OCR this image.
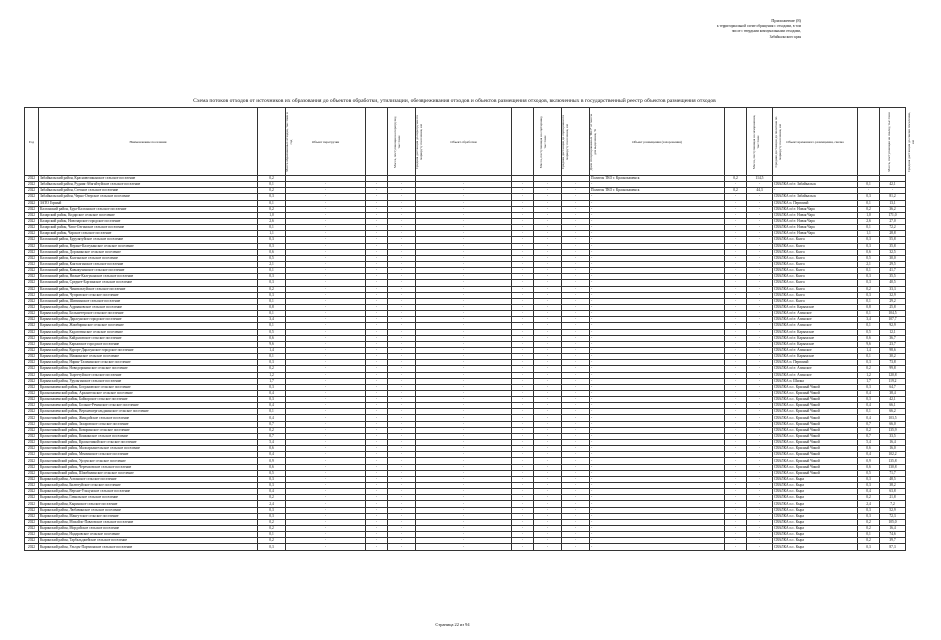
Приложение (8)
к территориальной схеме обращения с отходами, в том
числе с твердыми коммунальными отходами,
Забайкальского края
Схема потоков отходов от источников их образования до объектов обработки, утилизации, обезвреживания отходов и объектов размещения отходов, включенных в государственный реестр объектов размещения отходов
Год	Наименование поселения	Масса образованных отходов, тыс.тонн в год	Объект перегрузки	Масса, поступающая на перегрузку, тыс.тонн	Средняя дистанция до перегрузки по маршруту поселения, км	Объект обработки	Масса, поступающая на сортировку, тыс.тонн	Средняя дистанция до сортировки по маршруту поселения, км	Доля отсортированных ТКО* от массы для выделения, %	Объект размещения (захоронения)	Масса, поступающая на захоронение, тыс.тонн	Средняя дистанция до полигона по маршруту поселения, км	Объект временного размещения, свалка	Масса, поступающая на свалку, тыс.тонн	Средняя дистанция до свалки поселения, км
2022	Забайкальский район, Красновеликанское сельское поселение	0,2								Полигон ТКО г. Краснокаменск	0,2	114,5			
2022	Забайкальский район, Рудник-Абагайтуйское сельское поселение	0,1	-	-	-	-	-	-	-	-	-	-	СВАЛКА п/ст. Забайкальск	0,1	42,1
2022	Забайкальский район, Степное сельское поселение	0,2	-	-	-	-	-	-	-	Полигон ТКО г. Краснокаменск	0,2	44,3	-	-	-
2022	Забайкальский район, Черно-Озерское сельское поселение	0,3	-	-	-	-	-	-	-	-	-	-	СВАЛКА п/ст. Забайкальск	0,3	81,2
2022	ЗАТО Горный	0,1	-	-	-	-	-	-	-	-	-	-	СВАЛКА п. Первомай	0,1	13,1
2022	Калганский район, Бура-Калганское сельское поселение	0,2	-	-	-	-	-	-	-	-	-	-	СВАЛКА п/ст. Новая Чара	0,2	36,2
2022	Каларский район, Кодарское сельское поселение	1,0	-	-	-	-	-	-	-	-	-	-	СВАЛКА п/ст. Новая Чара	1,0	171,0
2022	Каларский район, Новочарское городское поселение	2,6	-	-	-	-	-	-	-	-	-	-	СВАЛКА п/ст. Новая Чара	2,6	27,0
2022	Каларский район, Чапо-Олгинское сельское поселение	0,1	-	-	-	-	-	-	-	-	-	-	СВАЛКА п/ст. Новая Чара	0,1	72,2
2022	Каларский район, Чарское сельское поселение	1,1	-	-	-	-	-	-	-	-	-	-	СВАЛКА п/ст. Новая Чара	1,1	28,8
2022	Калганский район, Бурулятуйское сельское поселение	0,3	-	-	-	-	-	-	-	-	-	-	СВАЛКА п.с. Калга	0,3	55,8
2022	Калганский район, Верхне-Калгуканское сельское поселение	0,3	-	-	-	-	-	-	-	-	-	-	СВАЛКА п.с. Калга	0,3	35,8
2022	Калганский район, Доронинское сельское поселение	0,6	-	-	-	-	-	-	-	-	-	-	СВАЛКА п.с. Калга	0,6	32,5
2022	Калганский район, Калганское сельское поселение	0,5	-	-	-	-	-	-	-	-	-	-	СВАЛКА п.с. Калга	0,5	30,0
2022	Калганский район, Кактолгинское сельское поселение	2,1	-	-	-	-	-	-	-	-	-	-	СВАЛКА п.с. Калга	2,1	29,5
2022	Калганский район, Кавыкучинское сельское поселение	0,1	-	-	-	-	-	-	-	-	-	-	СВАЛКА п.с. Калга	0,1	41,7
2022	Калганский район, Нижне-Калгуканское сельское поселение	0,3	-	-	-	-	-	-	-	-	-	-	СВАЛКА п.с. Калга	0,3	35,5
2022	Калганский район, Среднее-Борзинское сельское поселение	0,3	-	-	-	-	-	-	-	-	-	-	СВАЛКА п.с. Калга	0,3	40,5
2022	Калганский район, Чингильтуйское сельское поселение	0,2	-	-	-	-	-	-	-	-	-	-	СВАЛКА п.с. Калга	0,2	33,3
2022	Калганский район, Чупровское сельское поселение	0,3	-	-	-	-	-	-	-	-	-	-	СВАЛКА п.с. Калга	0,3	32,9
2022	Калганский район, Шивиинское сельское поселение	0,1	-	-	-	-	-	-	-	-	-	-	СВАЛКА п.с. Калга	0,1	29,2
2022	Карымский район, Адриановское сельское поселение	0,8	-	-	-	-	-	-	-	-	-	-	СВАЛКА п/ст. Карымское	0,8	25,8
2022	Карымский район, Большетерское сельское поселение	0,1	-	-	-	-	-	-	-	-	-	-	СВАЛКА п/ст. Агинское	0,1	104,5
2022	Карымский район, Дарасунское городское поселение	3,4	-	-	-	-	-	-	-	-	-	-	СВАЛКА п/ст. Агинское	3,4	107,7
2022	Карымский район, Жимбиринское сельское поселение	0,1	-	-	-	-	-	-	-	-	-	-	СВАЛКА п/ст. Агинское	0,1	92,9
2022	Карымский район, Кадаготинское сельское поселение	0,5	-	-	-	-	-	-	-	-	-	-	СВАЛКА п/ст. Карымское	0,5	12,1
2022	Карымский район, Кайдаловское сельское поселение	0,6	-	-	-	-	-	-	-	-	-	-	СВАЛКА п/ст. Карымское	0,6	36,7
2022	Карымский район, Карымское городское поселение	9,6	-	-	-	-	-	-	-	-	-	-	СВАЛКА п/ст. Карымское	9,6	23,7
2022	Карымский район, Курорт-Дарасунское городское поселение	1,4	-	-	-	-	-	-	-	-	-	-	СВАЛКА п/ст. Агинское	1,4	98,6
2022	Карымский район, Маякинское сельское поселение	0,1	-	-	-	-	-	-	-	-	-	-	СВАЛКА п/ст. Карымское	0,1	30,2
2022	Карымский район, Нарин-Талачинское сельское поселение	0,3	-	-	-	-	-	-	-	-	-	-	СВАЛКА п. Первомай	0,3	73,8
2022	Карымский район, Новодоронинское сельское поселение	0,2	-	-	-	-	-	-	-	-	-	-	СВАЛКА п/ст. Агинское	0,2	99,8
2022	Карымский район, Тыргетуйское сельское поселение	1,2	-	-	-	-	-	-	-	-	-	-	СВАЛКА п/ст. Агинское	1,2	120,8
2022	Карымский район, Урульгинское сельское поселение	1,7	-	-	-	-	-	-	-	-	-	-	СВАЛКА п. Шилка	1,7	119,2
2022	Краснокаменский район, Богдановское сельское поселение	0,3	-	-	-	-	-	-	-	-	-	-	СВАЛКА п.с. Красный Чикой	0,3	64,7
2022	Краснокаменский район, Архангельское сельское поселение	0,4	-	-	-	-	-	-	-	-	-	-	СВАЛКА п.с. Красный Чикой	0,4	38,4
2022	Краснокаменский район, Байхорское сельское поселение	0,3	-	-	-	-	-	-	-	-	-	-	СВАЛКА п.с. Красный Чикой	0,3	42,1
2022	Краснокаменский район, Больше-Речинское сельское поселение	0,4	-	-	-	-	-	-	-	-	-	-	СВАЛКА п.с. Красный Чикой	0,4	66,1
2022	Краснокаменский район, Верхнешергольджинское сельское поселение	0,1	-	-	-	-	-	-	-	-	-	-	СВАЛКА п.с. Красный Чикой	0,1	66,2
2022	Красночикойский район, Жиндойское сельское поселение	0,4	-	-	-	-	-	-	-	-	-	-	СВАЛКА п.с. Красный Чикой	0,4	103,5
2022	Красночикойский район, Захаровское сельское поселение	0,7	-	-	-	-	-	-	-	-	-	-	СВАЛКА п.с. Красный Чикой	0,7	66,0
2022	Красночикойский район, Коворинское сельское поселение	0,2	-	-	-	-	-	-	-	-	-	-	СВАЛКА п.с. Красный Чикой	0,2	135,9
2022	Красночикойский район, Конкинское сельское поселение	0,7	-	-	-	-	-	-	-	-	-	-	СВАЛКА п.с. Красный Чикой	0,7	33,5
2022	Красночикойский район, Красночикойское сельское поселение	5,4	-	-	-	-	-	-	-	-	-	-	СВАЛКА п.с. Красный Чикой	5,4	16,4
2022	Красночикойский район, Малоархангельское сельское поселение	0,6	-	-	-	-	-	-	-	-	-	-	СВАЛКА п.с. Красный Чикой	0,6	16,0
2022	Красночикойский район, Мензинское сельское поселение	0,4	-	-	-	-	-	-	-	-	-	-	СВАЛКА п.с. Красный Чикой	0,4	102,2
2022	Красночикойский район, Урлукское сельское поселение	0,9	-	-	-	-	-	-	-	-	-	-	СВАЛКА п.с. Красный Чикой	0,9	135,8
2022	Красночикойский район, Черемховское сельское поселение	0,6	-	-	-	-	-	-	-	-	-	-	СВАЛКА п.с. Красный Чикой	0,6	130,8
2022	Красночикойский район, Шимбилинское сельское поселение	0,5	-	-	-	-	-	-	-	-	-	-	СВАЛКА п.с. Красный Чикой	0,5	71,7
2022	Кыринский район, Алтанское сельское поселение	0,3	-	-	-	-	-	-	-	-	-	-	СВАЛКА п.с. Кыра	0,3	48,5
2022	Кыринский район, Билютуйское сельское поселение	0,3	-	-	-	-	-	-	-	-	-	-	СВАЛКА п.с. Кыра	0,3	38,2
2022	Кыринский район, Верхне-Ульхунское сельское поселение	0,4	-	-	-	-	-	-	-	-	-	-	СВАЛКА п.с. Кыра	0,4	63,8
2022	Кыринский район, Гавыльское сельское поселение	0,2	-	-	-	-	-	-	-	-	-	-	СВАЛКА п.с. Кыра	0,2	21,8
2022	Кыринский район, Кыринское сельское поселение	2,4	-	-	-	-	-	-	-	-	-	-	СВАЛКА п.с. Кыра	2,4	7,2
2022	Кыринский район, Любавинское сельское поселение	0,3	-	-	-	-	-	-	-	-	-	-	СВАЛКА п.с. Кыра	0,3	52,9
2022	Кыринский район, Мангутское сельское поселение	0,3	-	-	-	-	-	-	-	-	-	-	СВАЛКА п.с. Кыра	0,3	72,3
2022	Кыринский район, Михайло-Павловское сельское поселение	0,2	-	-	-	-	-	-	-	-	-	-	СВАЛКА п.с. Кыра	0,2	105,0
2022	Кыринский район, Мордойское сельское поселение	0,2	-	-	-	-	-	-	-	-	-	-	СВАЛКА п.с. Кыра	0,2	16,4
2022	Кыринский район, Надаровское сельское поселение	0,1	-	-	-	-	-	-	-	-	-	-	СВАЛКА п.с. Кыра	0,1	74,6
2022	Кыринский район, Тарбальджейское сельское поселение	0,2	-	-	-	-	-	-	-	-	-	-	СВАЛКА п.с. Кыра	0,2	39,7
2022	Кыринский район, Ульхун-Партионское сельское поселение	0,3	-	-	-	-	-	-	-	-	-	-	СВАЛКА п.с. Кыра	0,3	87,3
Страница 22 из 94
